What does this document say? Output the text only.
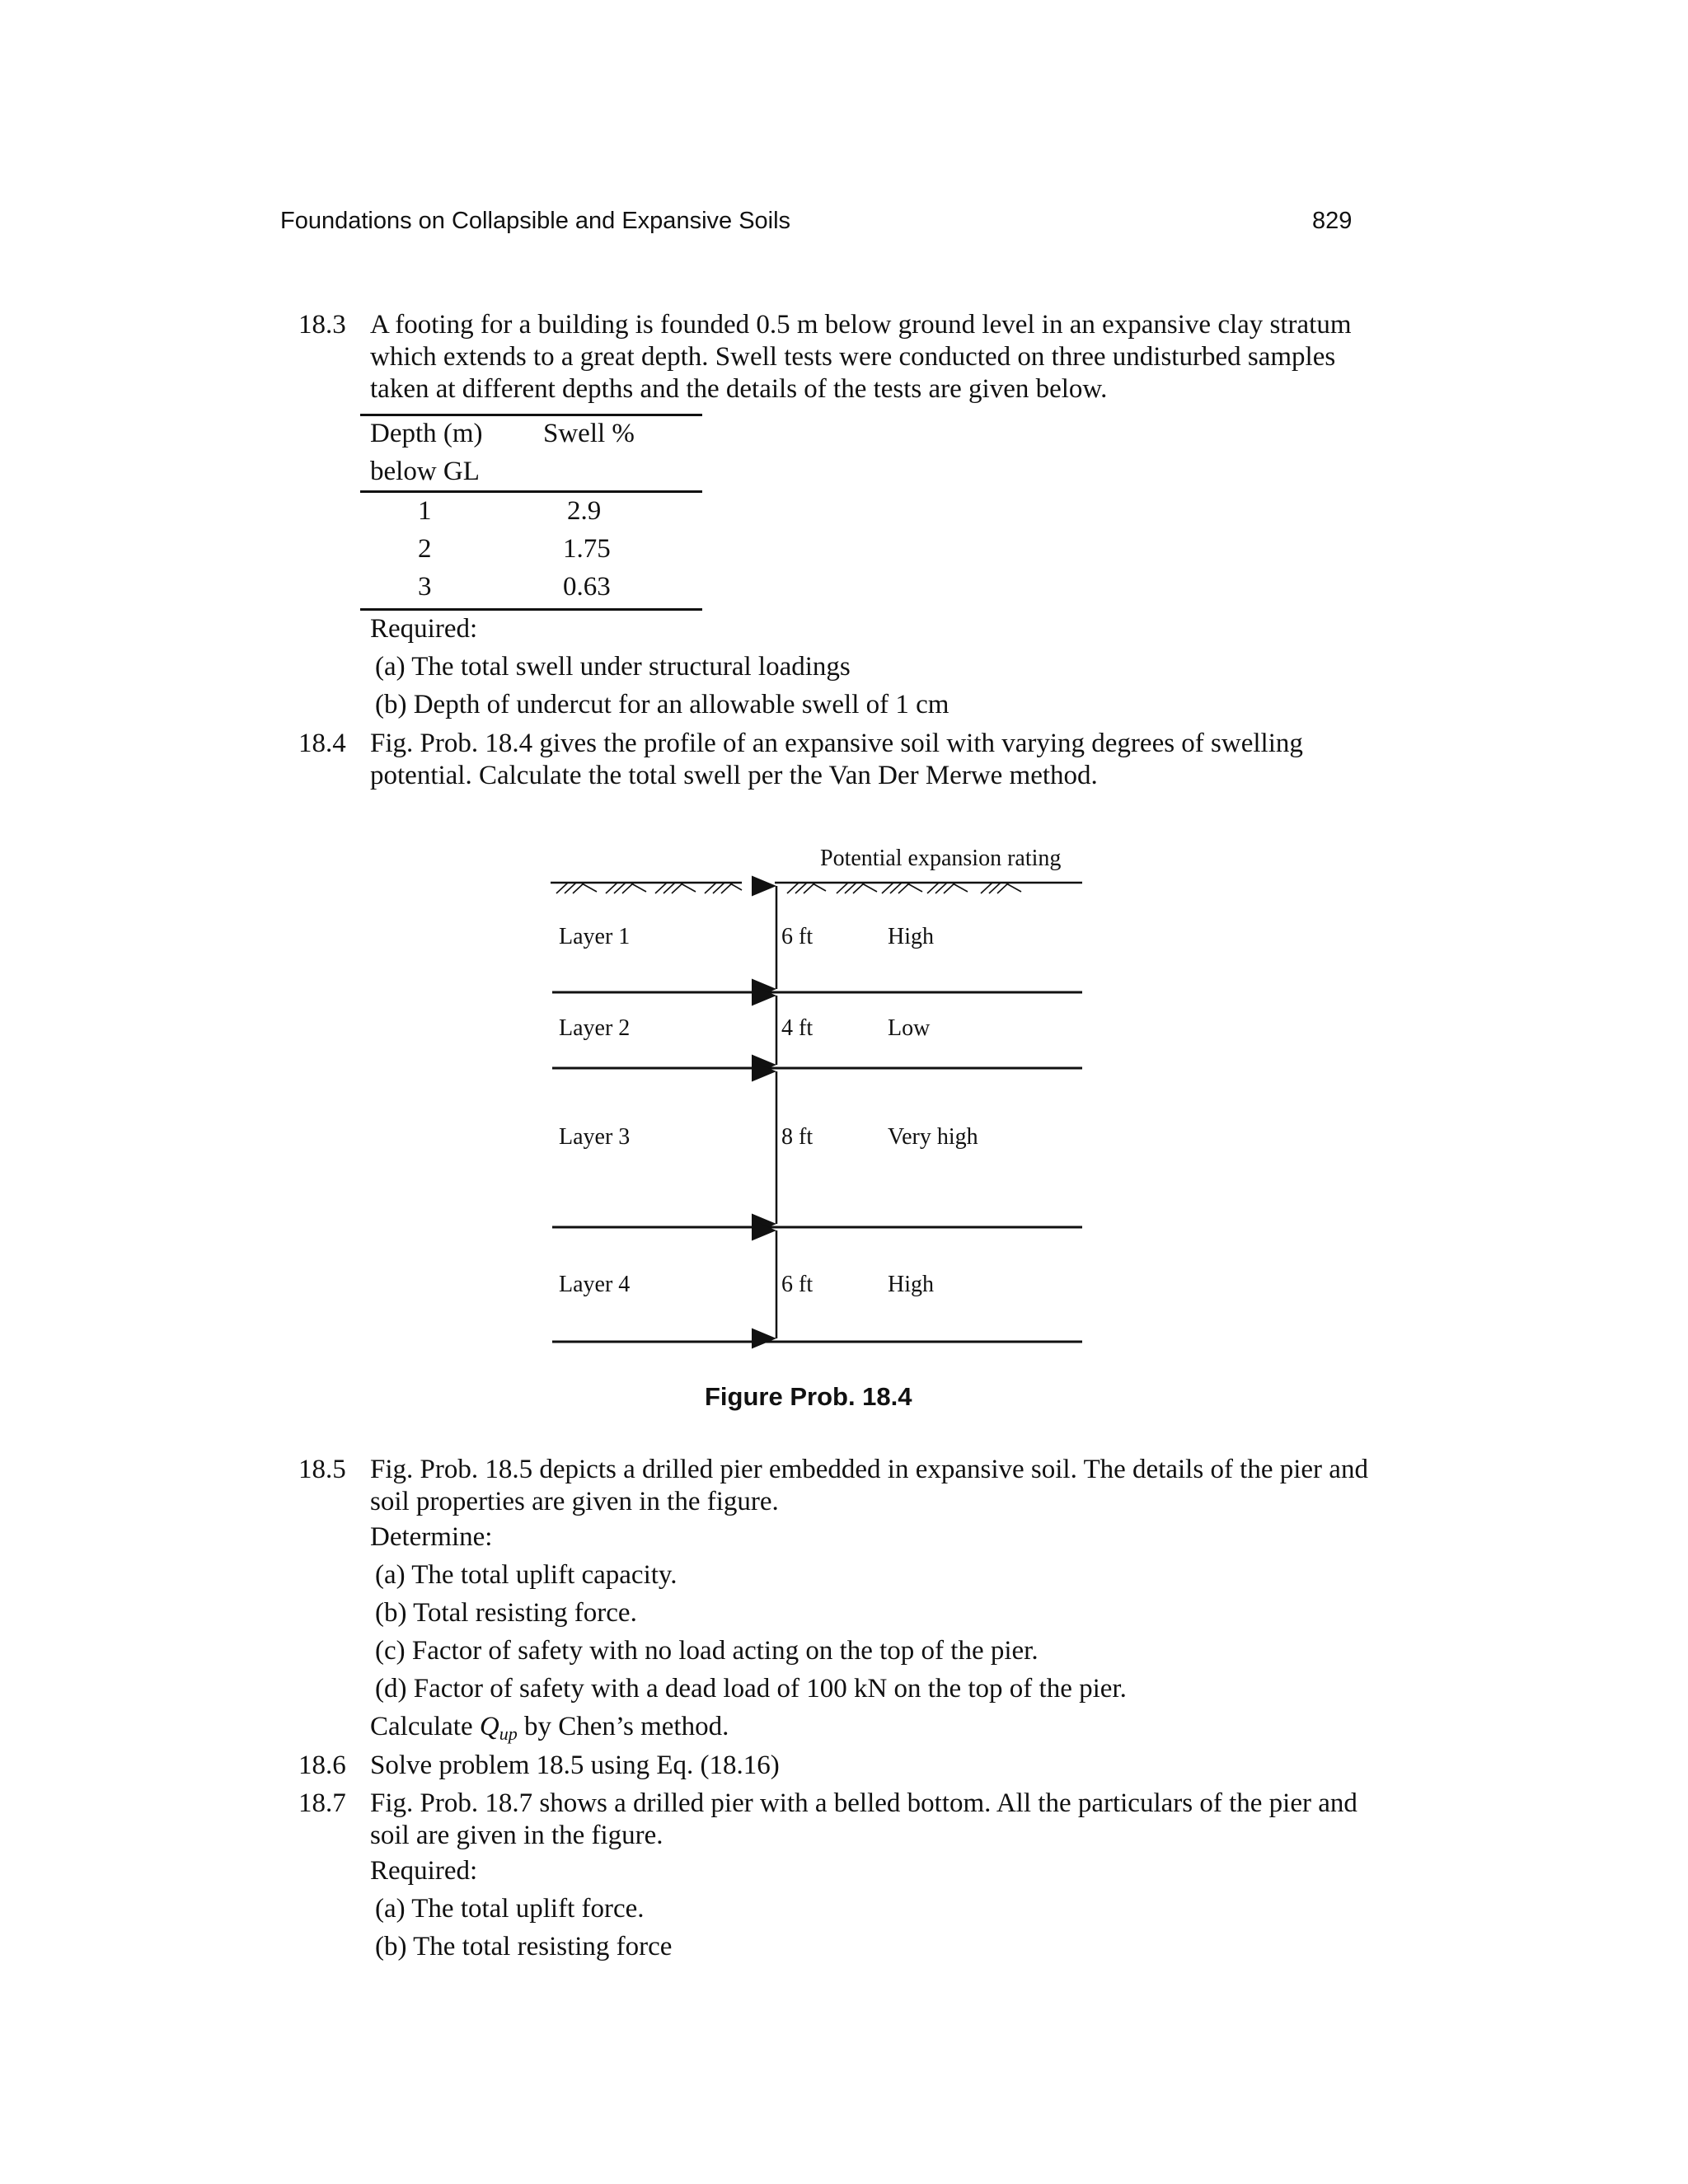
Foundations on Collapsible and Expansive Soils	829
18.3 A footing for a building is founded 0.5 m below ground level in an expansive clay stratum
which extends to a great depth. Swell tests were conducted on three undisturbed samples
taken at different depths and the details of the tests are given below.
Depth (m) Swell %
below GL
1	2.9
2	1.75
3	0.63
Required:
(a) The total swell under structural loadings
(b) Depth of undercut for an allowable swell of 1 cm
18.4 Fig. Prob. 18.4 gives the profile of an expansive soil with varying degrees of swelling
potential. Calculate the total swell per the Van Der Merwe method.
Potential expansion rating
Layer 1	6 ft	High
Layer 2	4 ft	Low
Layer 3	8 ft	Very high
Layer 4	6 ft	High
Figure Prob. 18.4
18.5 Fig. Prob. 18.5 depicts a drilled pier embedded in expansive soil. The details of the pier and
soil properties are given in the figure.
Determine:
(a) The total uplift capacity.
(b) Total resisting force.
(c) Factor of safety with no load acting on the top of the pier.
(d) Factor of safety with a dead load of 100 kN on the top of the pier.
Calculate $Q_{up}$ by Chen’s method.
18.6 Solve problem 18.5 using Eq. (18.16)
18.7 Fig. Prob. 18.7 shows a drilled pier with a belled bottom. All the particulars of the pier and
soil are given in the figure.
Required:
(a) The total uplift force.
(b) The total resisting force
